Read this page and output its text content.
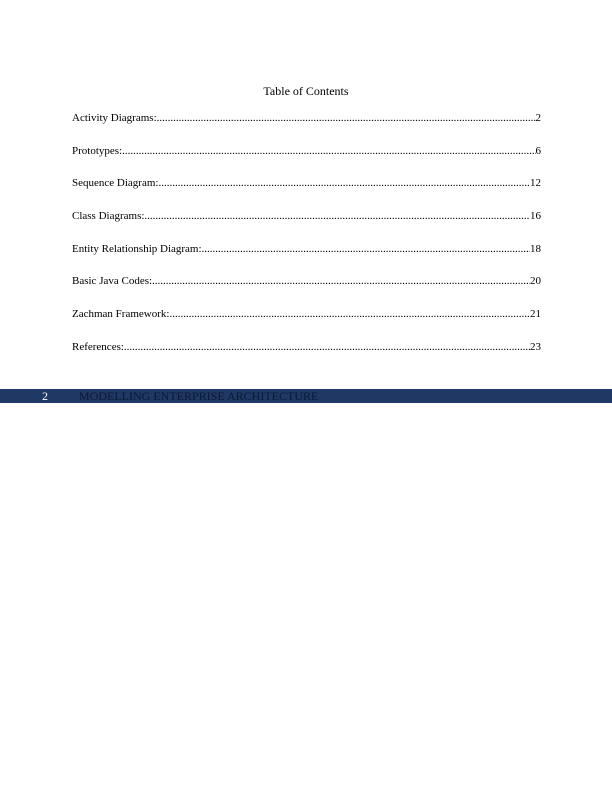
Table of Contents
Activity Diagrams: .....	2
Prototypes: .....	6
Sequence Diagram: .....	12
Class Diagrams: .....	16
Entity Relationship Diagram: .....	18
Basic Java Codes: .....	20
Zachman Framework: .....	21
References: .....	23
2	MODELLING ENTERPRISE ARCHITECTURE
